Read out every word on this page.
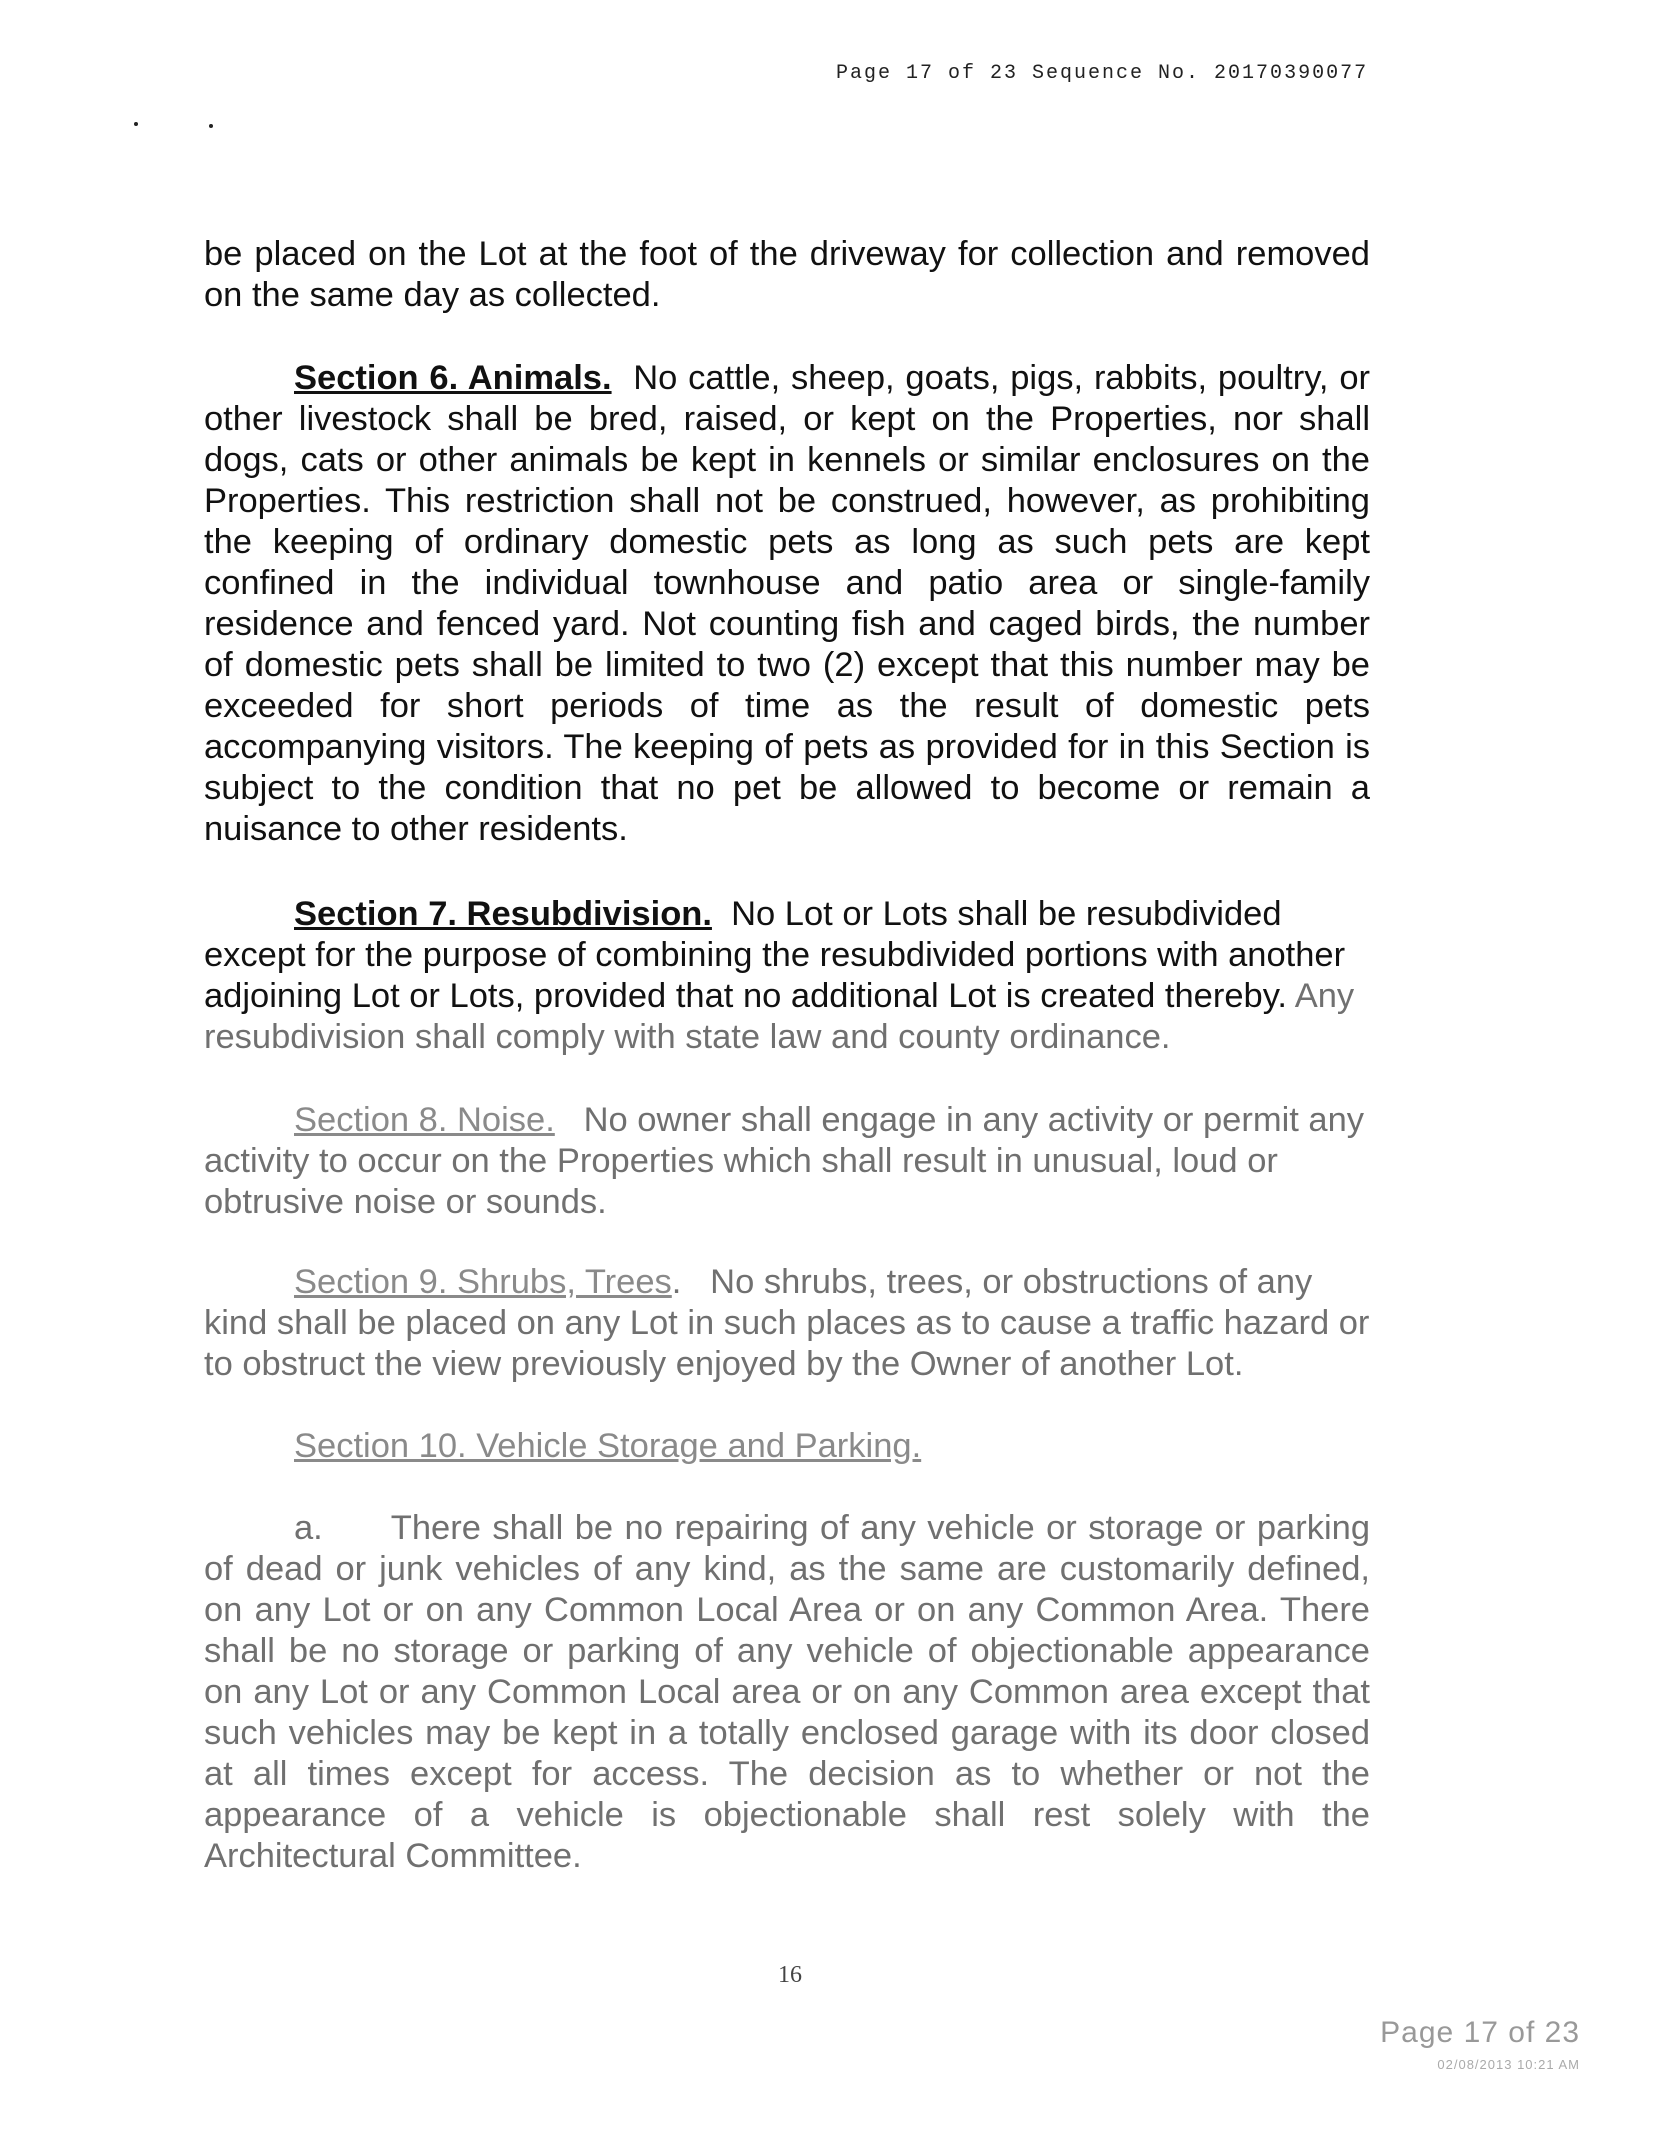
Page 17 of 23 Sequence No. 20170390077

be placed on the Lot at the foot of the driveway for collection and removed on the same day as collected.

Section 6. Animals. No cattle, sheep, goats, pigs, rabbits, poultry, or other livestock shall be bred, raised, or kept on the Properties, nor shall dogs, cats or other animals be kept in kennels or similar enclosures on the Properties. This restriction shall not be construed, however, as prohibiting the keeping of ordinary domestic pets as long as such pets are kept confined in the individual townhouse and patio area or single-family residence and fenced yard. Not counting fish and caged birds, the number of domestic pets shall be limited to two (2) except that this number may be exceeded for short periods of time as the result of domestic pets accompanying visitors. The keeping of pets as provided for in this Section is subject to the condition that no pet be allowed to become or remain a nuisance to other residents.

Section 7. Resubdivision. No Lot or Lots shall be resubdivided except for the purpose of combining the resubdivided portions with another adjoining Lot or Lots, provided that no additional Lot is created thereby. Any resubdivision shall comply with state law and county ordinance.

Section 8. Noise. No owner shall engage in any activity or permit any activity to occur on the Properties which shall result in unusual, loud or obtrusive noise or sounds.

Section 9. Shrubs, Trees. No shrubs, trees, or obstructions of any kind shall be placed on any Lot in such places as to cause a traffic hazard or to obstruct the view previously enjoyed by the Owner of another Lot.

Section 10. Vehicle Storage and Parking.

a. There shall be no repairing of any vehicle or storage or parking of dead or junk vehicles of any kind, as the same are customarily defined, on any Lot or on any Common Local Area or on any Common Area. There shall be no storage or parking of any vehicle of objectionable appearance on any Lot or any Common Local area or on any Common area except that such vehicles may be kept in a totally enclosed garage with its door closed at all times except for access. The decision as to whether or not the appearance of a vehicle is objectionable shall rest solely with the Architectural Committee.

16
Page 17 of 23
02/08/2013 10:21 AM
